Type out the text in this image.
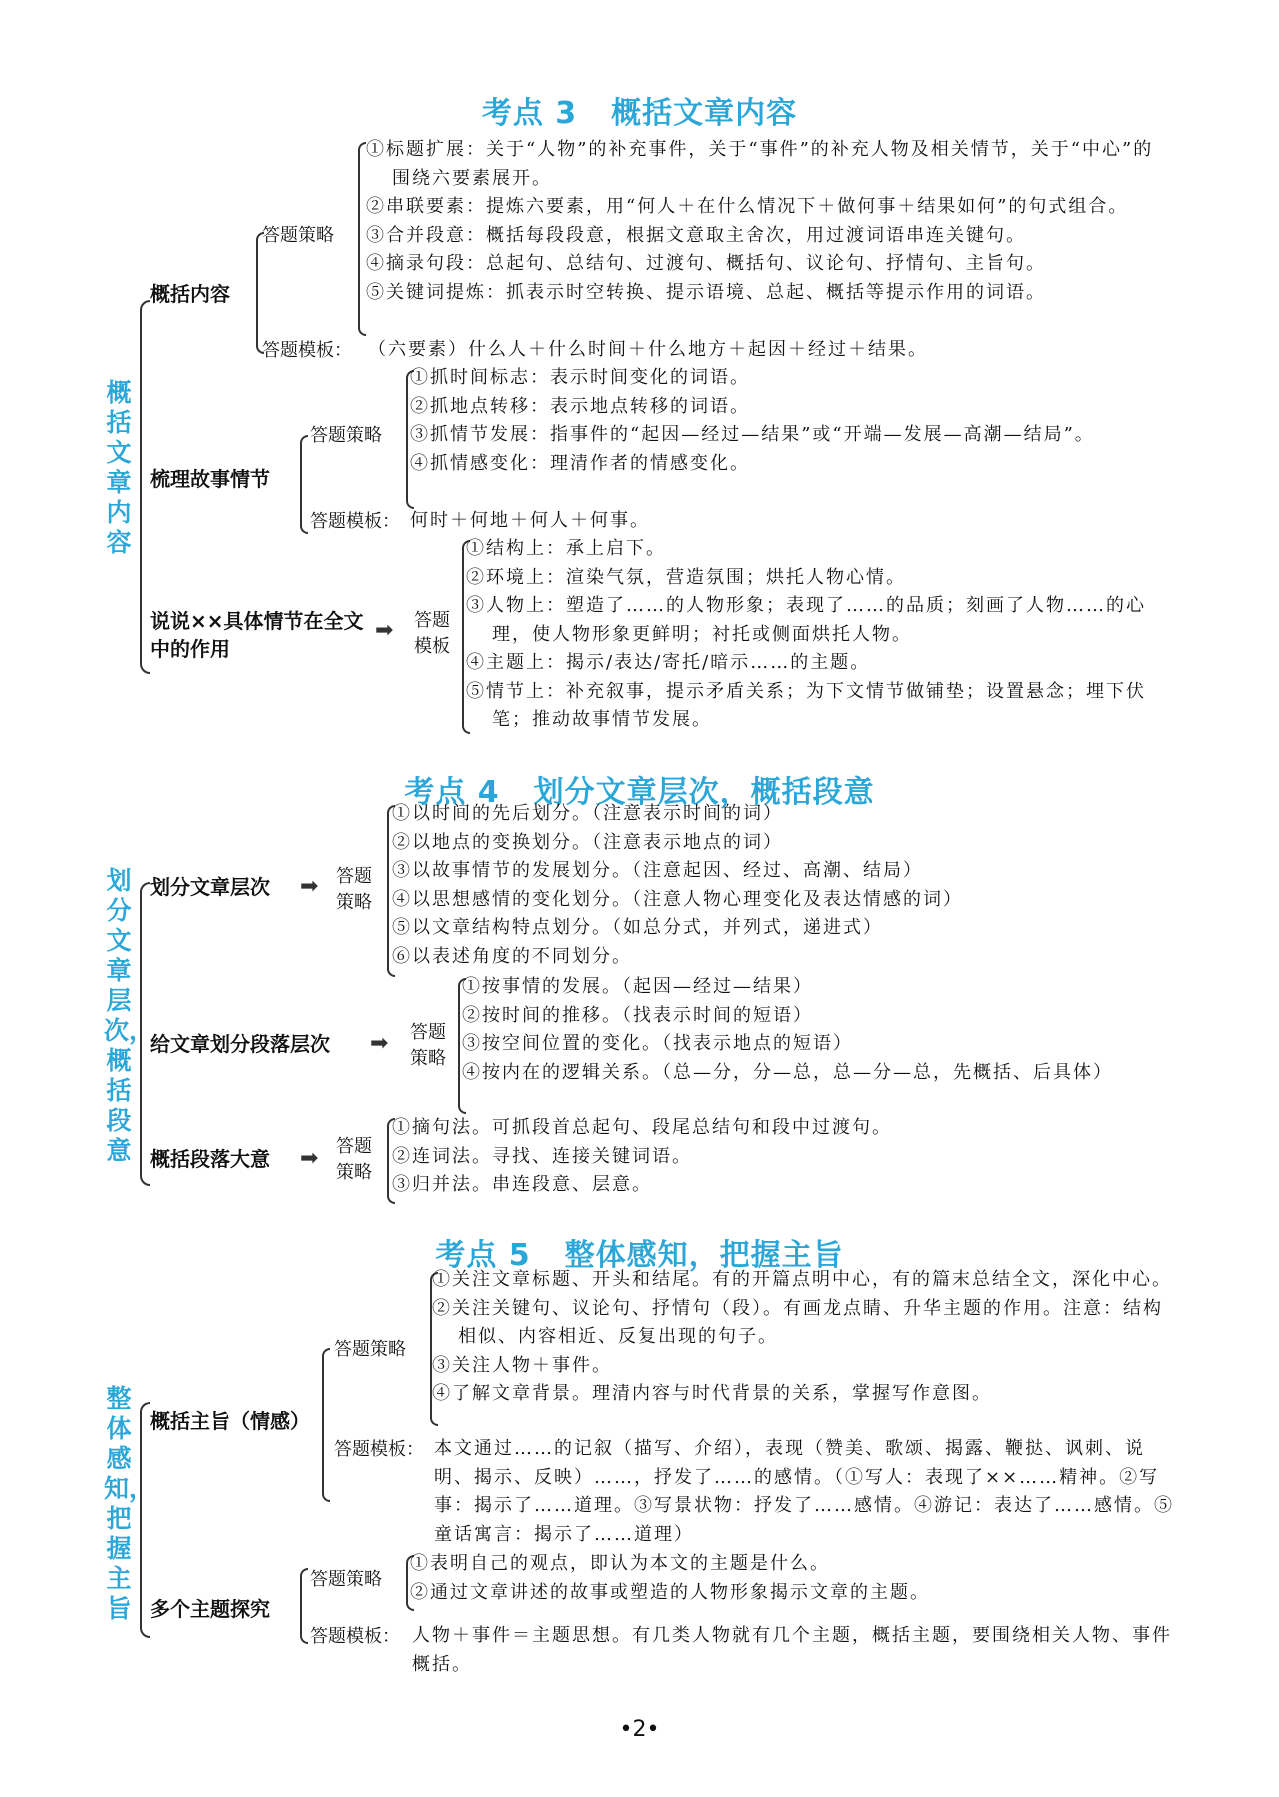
考点 3 概括文章内容
概括文章内容
概括内容
答题策略
①标题扩展：关于“人物”的补充事件，关于“事件”的补充人物及相关情节，关于“中心”的围绕六要素展开。
②串联要素：提炼六要素，用“何人＋在什么情况下＋做何事＋结果如何”的句式组合。
③合并段意：概括每段段意，根据文意取主舍次，用过渡词语串连关键句。
④摘录句段：总起句、总结句、过渡句、概括句、议论句、抒情句、主旨句。
⑤关键词提炼：抓表示时空转换、提示语境、总起、概括等提示作用的词语。
答题模板： （六要素）什么人＋什么时间＋什么地方＋起因＋经过＋结果。
梳理故事情节
答题策略
①抓时间标志：表示时间变化的词语。
②抓地点转移：表示地点转移的词语。
③抓情节发展：指事件的“起因—经过—结果”或“开端—发展—高潮—结局”。
④抓情感变化：理清作者的情感变化。
答题模板： 何时＋何地＋何人＋何事。
说说××具体情节在全文中的作用
➡ 答题模板
①结构上：承上启下。
②环境上：渲染气氛，营造氛围；烘托人物心情。
③人物上：塑造了……的人物形象；表现了……的品质；刻画了人物……的心理，使人物形象更鲜明；衬托或侧面烘托人物。
④主题上：揭示/表达/寄托/暗示……的主题。
⑤情节上：补充叙事，提示矛盾关系；为下文情节做铺垫；设置悬念；埋下伏笔；推动故事情节发展。
考点 4 划分文章层次，概括段意
划分文章层次，概括段意
划分文章层次 ➡ 答题策略
①以时间的先后划分。（注意表示时间的词）
②以地点的变换划分。（注意表示地点的词）
③以故事情节的发展划分。（注意起因、经过、高潮、结局）
④以思想感情的变化划分。（注意人物心理变化及表达情感的词）
⑤以文章结构特点划分。（如总分式，并列式，递进式）
⑥以表述角度的不同划分。
给文章划分段落层次 ➡ 答题策略
①按事情的发展。（起因—经过—结果）
②按时间的推移。（找表示时间的短语）
③按空间位置的变化。（找表示地点的短语）
④按内在的逻辑关系。（总—分，分—总，总—分—总，先概括、后具体）
概括段落大意 ➡ 答题策略
①摘句法。可抓段首总起句、段尾总结句和段中过渡句。
②连词法。寻找、连接关键词语。
③归并法。串连段意、层意。
考点 5 整体感知，把握主旨
整体感知，把握主旨
概括主旨（情感）
答题策略
①关注文章标题、开头和结尾。有的开篇点明中心，有的篇末总结全文，深化中心。
②关注关键句、议论句、抒情句（段）。有画龙点睛、升华主题的作用。注意：结构相似、内容相近、反复出现的句子。
③关注人物＋事件。
④了解文章背景。理清内容与时代背景的关系，掌握写作意图。
答题模板： 本文通过……的记叙（描写、介绍），表现（赞美、歌颂、揭露、鞭挞、讽刺、说明、揭示、反映）……，抒发了……的感情。（①写人：表现了××……精神。②写事：揭示了……道理。③写景状物：抒发了……感情。④游记：表达了……感情。⑤童话寓言：揭示了……道理）
多个主题探究
答题策略
①表明自己的观点，即认为本文的主题是什么。
②通过文章讲述的故事或塑造的人物形象揭示文章的主题。
答题模板： 人物＋事件＝主题思想。有几类人物就有几个主题，概括主题，要围绕相关人物、事件概括。
•2•
